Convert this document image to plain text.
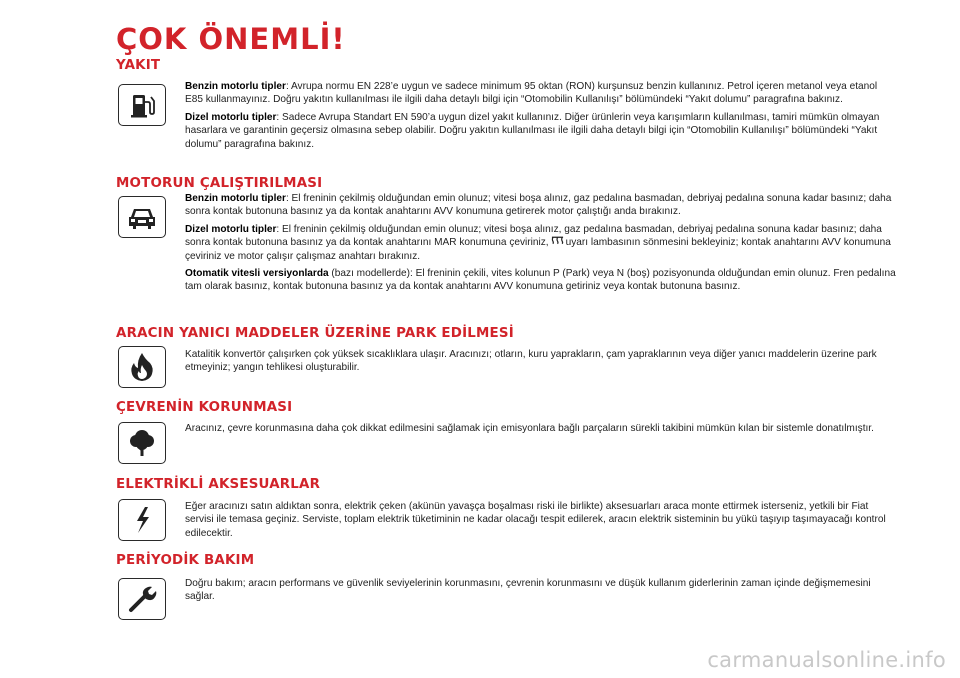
ÇOK ÖNEMLİ!
YAKIT

Benzin motorlu tipler: Avrupa normu EN 228’e uygun ve sadece minimum 95 oktan (RON) kurşunsuz benzin kullanınız. Petrol içeren metanol veya etanol E85 kullanmayınız. Doğru yakıtın kullanılması ile ilgili daha detaylı bilgi için “Otomobilin Kullanılışı” bölümündeki “Yakıt dolumu” paragrafına bakınız.

Dizel motorlu tipler: Sadece Avrupa Standart EN 590’a uygun dizel yakıt kullanınız. Diğer ürünlerin veya karışımların kullanılması, tamiri mümkün olmayan hasarlara ve garantinin geçersiz olmasına sebep olabilir. Doğru yakıtın kullanılması ile ilgili daha detaylı bilgi için “Otomobilin Kullanılışı” bölümündeki “Yakıt dolumu” paragrafına bakınız.

MOTORUN ÇALIŞTIRILMASI

Benzin motorlu tipler: El freninin çekilmiş olduğundan emin olunuz; vitesi boşa alınız, gaz pedalına basmadan, debriyaj pedalına sonuna kadar basınız; daha sonra kontak butonuna basınız ya da kontak anahtarını AVV konumuna getirerek motor çalıştığı anda bırakınız.

Dizel motorlu tipler: El freninin çekilmiş olduğundan emin olunuz; vitesi boşa alınız, gaz pedalına basmadan, debriyaj pedalına sonuna kadar basınız; daha sonra kontak butonuna basınız ya da kontak anahtarını MAR konumuna çeviriniz, uyarı lambasının sönmesini bekleyiniz; kontak anahtarını AVV konumuna çeviriniz ve motor çalışır çalışmaz anahtarı bırakınız.

Otomatik vitesli versiyonlarda (bazı modellerde): El freninin çekili, vites kolunun P (Park) veya N (boş) pozisyonunda olduğundan emin olunuz. Fren pedalına tam olarak basınız, kontak butonuna basınız ya da kontak anahtarını AVV konumuna getiriniz veya kontak butonuna basınız.

ARACIN YANICI MADDELER ÜZERİNE PARK EDİLMESİ

Katalitik konvertör çalışırken çok yüksek sıcaklıklara ulaşır. Aracınızı; otların, kuru yaprakların, çam yapraklarının veya diğer yanıcı maddelerin üzerine park etmeyiniz; yangın tehlikesi oluşturabilir.

ÇEVRENİN KORUNMASI

Aracınız, çevre korunmasına daha çok dikkat edilmesini sağlamak için emisyonlara bağlı parçaların sürekli takibini mümkün kılan bir sistemle donatılmıştır.

ELEKTRİKLİ AKSESUARLAR

Eğer aracınızı satın aldıktan sonra, elektrik çeken (akünün yavaşça boşalması riski ile birlikte) aksesuarları araca monte ettirmek isterseniz, yetkili bir Fiat servisi ile temasa geçiniz. Serviste, toplam elektrik tüketiminin ne kadar olacağı tespit edilerek, aracın elektrik sisteminin bu yükü taşıyıp taşımayacağı kontrol edilecektir.

PERİYODİK BAKIM

Doğru bakım; aracın performans ve güvenlik seviyelerinin korunmasını, çevrenin korunmasını ve düşük kullanım giderlerinin zaman içinde değişmemesini sağlar.

carmanualsonline.info
